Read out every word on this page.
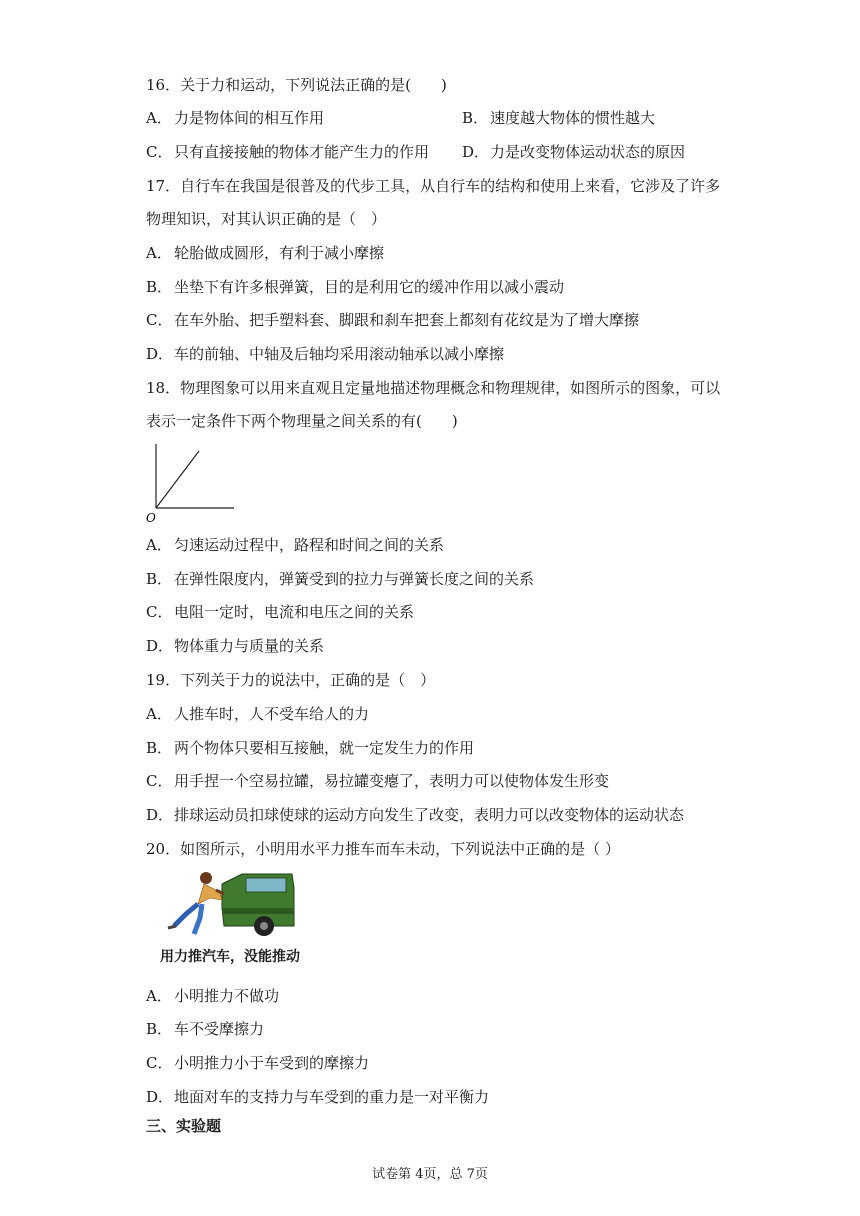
16．关于力和运动，下列说法正确的是(　　)
A． 力是物体间的相互作用	B． 速度越大物体的惯性越大
C． 只有直接接触的物体才能产生力的作用 D．力是改变物体运动状态的原因
17．自行车在我国是很普及的代步工具，从自行车的结构和使用上来看，它涉及了许多
物理知识，对其认识正确的是（　）
A． 轮胎做成圆形，有利于减小摩擦
B． 坐垫下有许多根弹簧，目的是利用它的缓冲作用以减小震动
C． 在车外胎、把手塑料套、脚跟和刹车把套上都刻有花纹是为了增大摩擦
D．车的前轴、中轴及后轴均采用滚动轴承以减小摩擦
18．物理图象可以用来直观且定量地描述物理概念和物理规律，如图所示的图象，可以
表示一定条件下两个物理量之间关系的有(　　)
O
A． 匀速运动过程中，路程和时间之间的关系
B． 在弹性限度内，弹簧受到的拉力与弹簧长度之间的关系
C． 电阻一定时，电流和电压之间的关系
D．物体重力与质量的关系
19．下列关于力的说法中，正确的是（　）
A． 人推车时，人不受车给人的力
B． 两个物体只要相互接触，就一定发生力的作用
C． 用手捏一个空易拉罐，易拉罐变瘪了，表明力可以使物体发生形变
D．排球运动员扣球使球的运动方向发生了改变，表明力可以改变物体的运动状态
20．如图所示，小明用水平力推车而车未动，下列说法中正确的是（ ）
用力推汽车，没能推动
A． 小明推力不做功
B． 车不受摩擦力
C． 小明推力小于车受到的摩擦力
D．地面对车的支持力与车受到的重力是一对平衡力
三、实验题
试卷第 4页，总 7页
